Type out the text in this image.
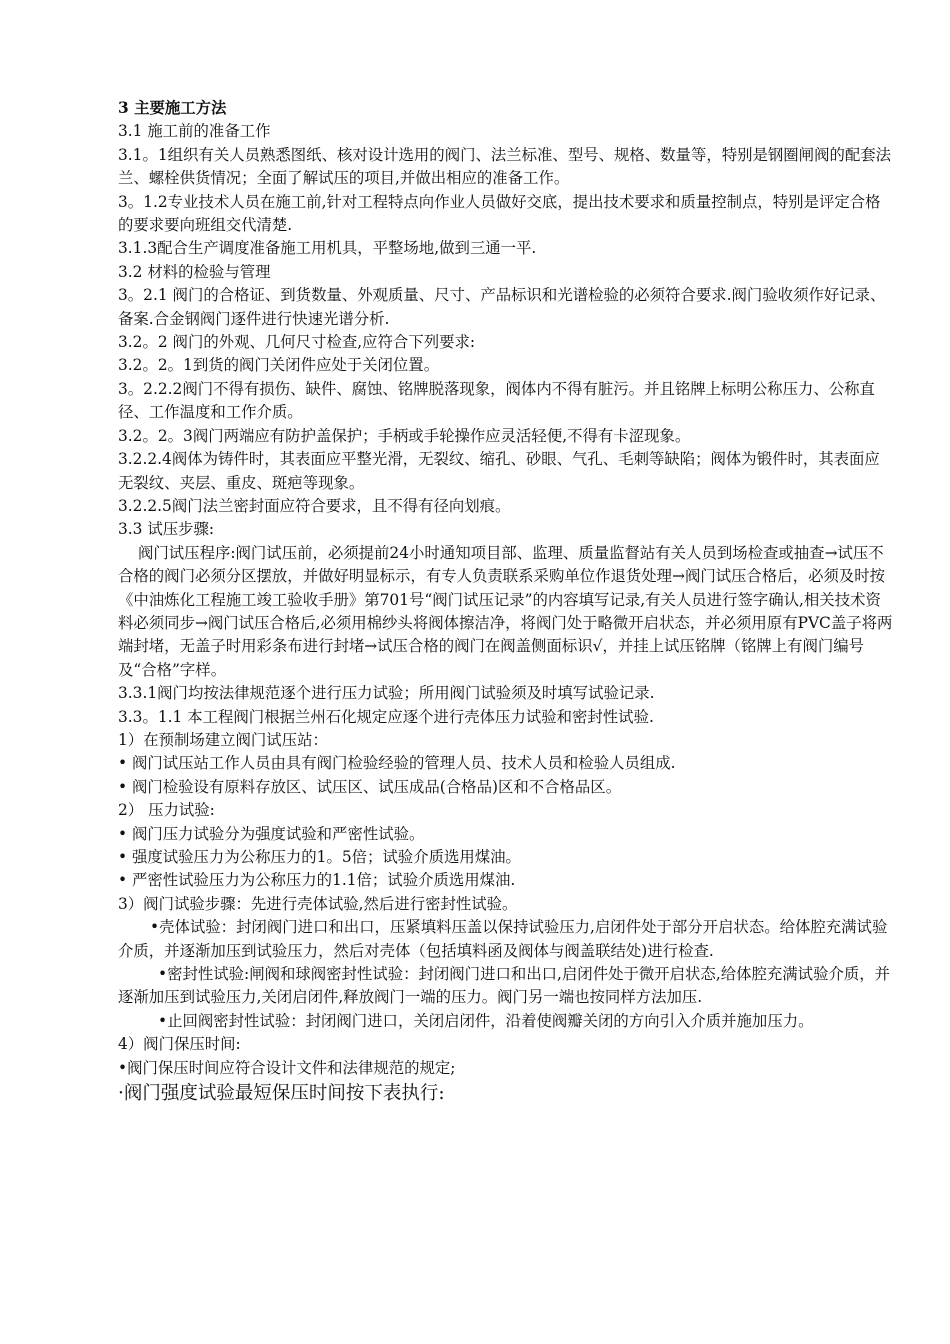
3 主要施工方法

3.1 施工前的准备工作

3.1。1组织有关人员熟悉图纸、核对设计选用的阀门、法兰标准、型号、规格、数量等，特别是钢圈闸阀的配套法兰、螺栓供货情况；全面了解试压的项目,并做出相应的准备工作。

3。1.2专业技术人员在施工前,针对工程特点向作业人员做好交底，提出技术要求和质量控制点，特别是评定合格的要求要向班组交代清楚.

3.1.3配合生产调度准备施工用机具，平整场地,做到三通一平.

3.2 材料的检验与管理

3。2.1 阀门的合格证、到货数量、外观质量、尺寸、产品标识和光谱检验的必须符合要求.阀门验收须作好记录、备案.合金钢阀门逐件进行快速光谱分析.

3.2。2 阀门的外观、几何尺寸检查,应符合下列要求:

3.2。2。1到货的阀门关闭件应处于关闭位置。

3。2.2.2阀门不得有损伤、缺件、腐蚀、铭牌脱落现象，阀体内不得有脏污。并且铭牌上标明公称压力、公称直径、工作温度和工作介质。

3.2。2。3阀门两端应有防护盖保护；手柄或手轮操作应灵活轻便,不得有卡涩现象。

3.2.2.4阀体为铸件时，其表面应平整光滑，无裂纹、缩孔、砂眼、气孔、毛刺等缺陷；阀体为锻件时，其表面应无裂纹、夹层、重皮、斑疤等现象。

3.2.2.5阀门法兰密封面应符合要求，且不得有径向划痕。

3.3 试压步骤:

阀门试压程序:阀门试压前，必须提前24小时通知项目部、监理、质量监督站有关人员到场检查或抽查→试压不合格的阀门必须分区摆放，并做好明显标示，有专人负责联系采购单位作退货处理→阀门试压合格后，必须及时按《中油炼化工程施工竣工验收手册》第701号“阀门试压记录”的内容填写记录,有关人员进行签字确认,相关技术资料必须同步→阀门试压合格后,必须用棉纱头将阀体擦洁净，将阀门处于略微开启状态，并必须用原有PVC盖子将两端封堵，无盖子时用彩条布进行封堵→试压合格的阀门在阀盖侧面标识√，并挂上试压铭牌（铭牌上有阀门编号及“合格”字样。

3.3.1阀门均按法律规范逐个进行压力试验；所用阀门试验须及时填写试验记录.

3.3。1.1 本工程阀门根据兰州石化规定应逐个进行壳体压力试验和密封性试验.

1）在预制场建立阀门试压站：

• 阀门试压站工作人员由具有阀门检验经验的管理人员、技术人员和检验人员组成.

• 阀门检验设有原料存放区、试压区、试压成品(合格品)区和不合格品区。

2） 压力试验:

• 阀门压力试验分为强度试验和严密性试验。

• 强度试验压力为公称压力的1。5倍；试验介质选用煤油。

• 严密性试验压力为公称压力的1.1倍；试验介质选用煤油.

3）阀门试验步骤：先进行壳体试验,然后进行密封性试验。

•壳体试验：封闭阀门进口和出口，压紧填料压盖以保持试验压力,启闭件处于部分开启状态。给体腔充满试验介质，并逐渐加压到试验压力，然后对壳体（包括填料函及阀体与阀盖联结处)进行检查.

•密封性试验:闸阀和球阀密封性试验：封闭阀门进口和出口,启闭件处于微开启状态,给体腔充满试验介质，并逐渐加压到试验压力,关闭启闭件,释放阀门一端的压力。阀门另一端也按同样方法加压.

•止回阀密封性试验：封闭阀门进口，关闭启闭件，沿着使阀瓣关闭的方向引入介质并施加压力。

4）阀门保压时间:

•阀门保压时间应符合设计文件和法律规范的规定;

·阀门强度试验最短保压时间按下表执行:
